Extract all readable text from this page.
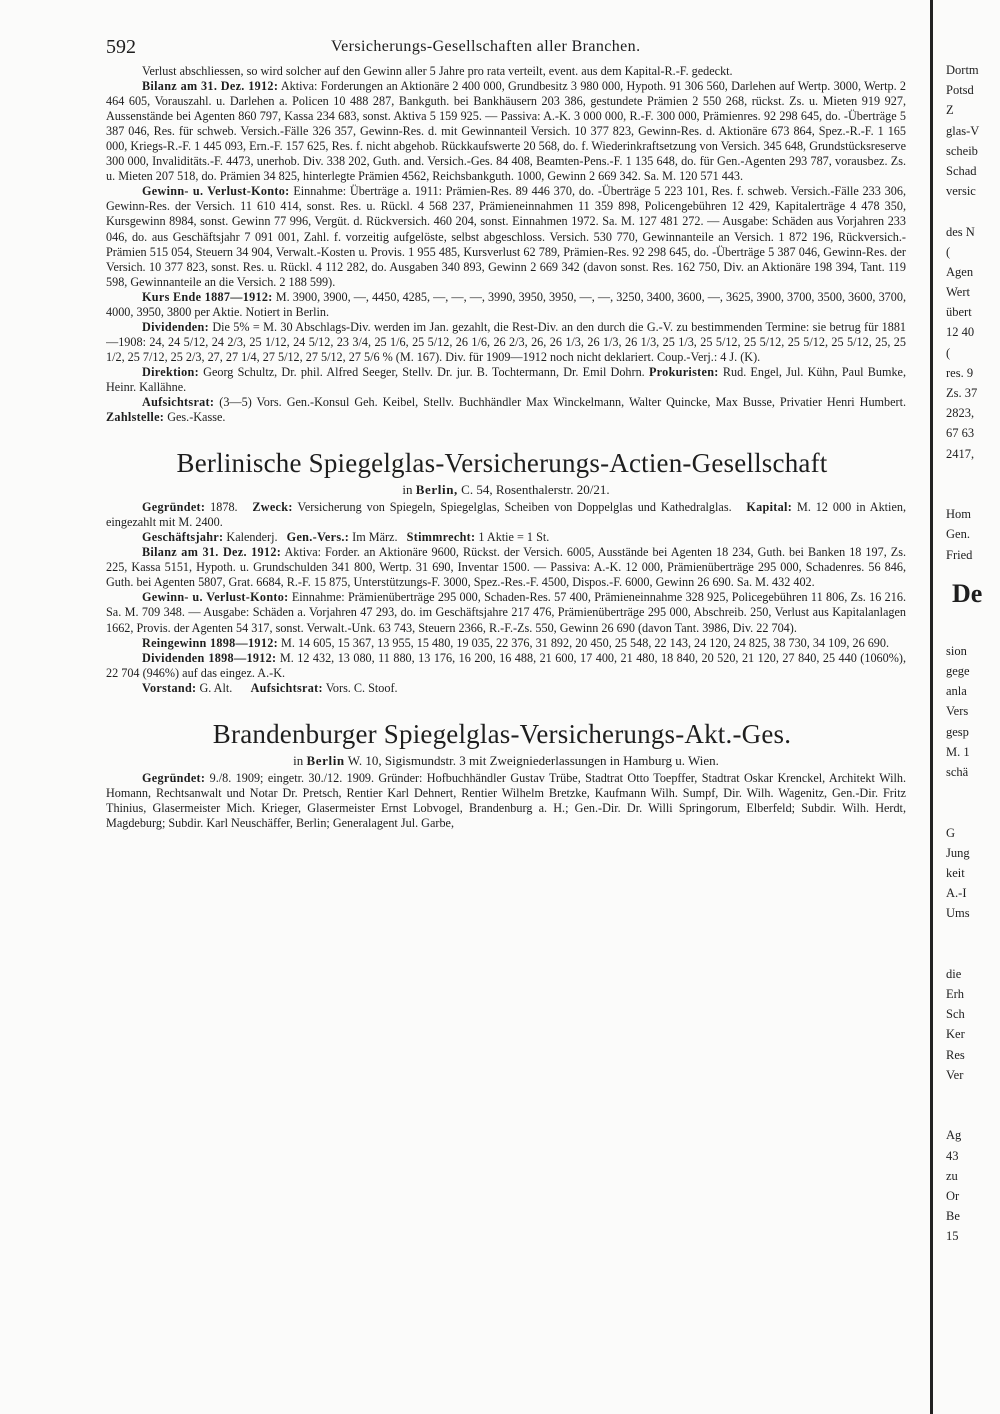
592	Versicherungs-Gesellschaften aller Branchen.

Verlust abschliessen, so wird solcher auf den Gewinn aller 5 Jahre pro rata verteilt, event. aus dem Kapital-R.-F. gedeckt.

Bilanz am 31. Dez. 1912: Aktiva: Forderungen an Aktionäre 2 400 000, Grundbesitz 3 980 000, Hypoth. 91 306 560, Darlehen auf Wertp. 3000, Wertp. 2 464 605, Vorauszahl. u. Darlehen a. Policen 10 488 287, Bankguth. bei Bankhäusern 203 386, gestundete Prämien 2 550 268, rückst. Zs. u. Mieten 919 927, Aussenstände bei Agenten 860 797, Kassa 234 683, sonst. Aktiva 5 159 925. — Passiva: A.-K. 3 000 000, R.-F. 300 000, Prämienres. 92 298 645, do. -Überträge 5 387 046, Res. für schweb. Versich.-Fälle 326 357, Gewinn-Res. d. mit Gewinnanteil Versich. 10 377 823, Gewinn-Res. d. Aktionäre 673 864, Spez.-R.-F. 1 165 000, Kriegs-R.-F. 1 445 093, Ern.-F. 157 625, Res. f. nicht abgehob. Rückkaufswerte 20 568, do. f. Wiederinkraftsetzung von Versich. 345 648, Grundstücksreserve 300 000, Invaliditäts.-F. 4473, unerhob. Div. 338 202, Guth. and. Versich.-Ges. 84 408, Beamten-Pens.-F. 1 135 648, do. für Gen.-Agenten 293 787, vorausbez. Zs. u. Mieten 207 518, do. Prämien 34 825, hinterlegte Prämien 4562, Reichsbankguth. 1000, Gewinn 2 669 342. Sa. M. 120 571 443.

Gewinn- u. Verlust-Konto: Einnahme: Überträge a. 1911: Prämien-Res. 89 446 370, do. -Überträge 5 223 101, Res. f. schweb. Versich.-Fälle 233 306, Gewinn-Res. der Versich. 11 610 414, sonst. Res. u. Rückl. 4 568 237, Prämieneinnahmen 11 359 898, Policengebühren 12 429, Kapitalerträge 4 478 350, Kursgewinn 8984, sonst. Gewinn 77 996, Vergüt. d. Rückversich. 460 204, sonst. Einnahmen 1972. Sa. M. 127 481 272. — Ausgabe: Schäden aus Vorjahren 233 046, do. aus Geschäftsjahr 7 091 001, Zahl. f. vorzeitig aufgelöste, selbst abgeschloss. Versich. 530 770, Gewinnanteile an Versich. 1 872 196, Rückversich.-Prämien 515 054, Steuern 34 904, Verwalt.-Kosten u. Provis. 1 955 485, Kursverlust 62 789, Prämien-Res. 92 298 645, do. -Überträge 5 387 046, Gewinn-Res. der Versich. 10 377 823, sonst. Res. u. Rückl. 4 112 282, do. Ausgaben 340 893, Gewinn 2 669 342 (davon sonst. Res. 162 750, Div. an Aktionäre 198 394, Tant. 119 598, Gewinnanteile an die Versich. 2 188 599).

Kurs Ende 1887—1912: M. 3900, 3900, —, 4450, 4285, —, —, —, 3990, 3950, 3950, —, —, 3250, 3400, 3600, —, 3625, 3900, 3700, 3500, 3600, 3700, 4000, 3950, 3800 per Aktie. Notiert in Berlin.

Dividenden: Die 5% = M. 30 Abschlags-Div. werden im Jan. gezahlt, die Rest-Div. an den durch die G.-V. zu bestimmenden Termine: sie betrug für 1881—1908: 24, 24 5/12, 24 2/3, 25 1/12, 24 5/12, 23 3/4, 25 1/6, 25 5/12, 26 1/6, 26 2/3, 26, 26 1/3, 26 1/3, 26 1/3, 25 1/3, 25 5/12, 25 5/12, 25 5/12, 25 5/12, 25, 25 1/2, 25 7/12, 25 2/3, 27, 27 1/4, 27 5/12, 27 5/12, 27 5/6 % (M. 167). Div. für 1909—1912 noch nicht deklariert. Coup.-Verj.: 4 J. (K).

Direktion: Georg Schultz, Dr. phil. Alfred Seeger, Stellv. Dr. jur. B. Tochtermann, Dr. Emil Dohrn. Prokuristen: Rud. Engel, Jul. Kühn, Paul Bumke, Heinr. Kallähne.

Aufsichtsrat: (3—5) Vors. Gen.-Konsul Geh. Keibel, Stellv. Buchhändler Max Winckelmann, Walter Quincke, Max Busse, Privatier Henri Humbert. Zahlstelle: Ges.-Kasse.

Berlinische Spiegelglas-Versicherungs-Actien-Gesellschaft
in Berlin, C. 54, Rosenthalerstr. 20/21.

Gegründet: 1878. Zweck: Versicherung von Spiegeln, Spiegelglas, Scheiben von Doppelglas und Kathedralglas. Kapital: M. 12 000 in Aktien, eingezahlt mit M. 2400.

Geschäftsjahr: Kalenderj. Gen.-Vers.: Im März. Stimmrecht: 1 Aktie = 1 St.

Bilanz am 31. Dez. 1912: Aktiva: Forder. an Aktionäre 9600, Rückst. der Versich. 6005, Ausstände bei Agenten 18 234, Guth. bei Banken 18 197, Zs. 225, Kassa 5151, Hypoth. u. Grundschulden 341 800, Wertp. 31 690, Inventar 1500. — Passiva: A.-K. 12 000, Prämienüberträge 295 000, Schadenres. 56 846, Guth. bei Agenten 5807, Grat. 6684, R.-F. 15 875, Unterstützungs-F. 3000, Spez.-Res.-F. 4500, Dispos.-F. 6000, Gewinn 26 690. Sa. M. 432 402.

Gewinn- u. Verlust-Konto: Einnahme: Prämienüberträge 295 000, Schaden-Res. 57 400, Prämieneinnahme 328 925, Policegebühren 11 806, Zs. 16 216. Sa. M. 709 348. — Ausgabe: Schäden a. Vorjahren 47 293, do. im Geschäftsjahre 217 476, Prämienüberträge 295 000, Abschreib. 250, Verlust aus Kapitalanlagen 1662, Provis. der Agenten 54 317, sonst. Verwalt.-Unk. 63 743, Steuern 2366, R.-F.-Zs. 550, Gewinn 26 690 (davon Tant. 3986, Div. 22 704).

Reingewinn 1898—1912: M. 14 605, 15 367, 13 955, 15 480, 19 035, 22 376, 31 892, 20 450, 25 548, 22 143, 24 120, 24 825, 38 730, 34 109, 26 690.

Dividenden 1898—1912: M. 12 432, 13 080, 11 880, 13 176, 16 200, 16 488, 21 600, 17 400, 21 480, 18 840, 20 520, 21 120, 27 840, 25 440 (1060%), 22 704 (946%) auf das eingez. A.-K.

Vorstand: G. Alt. Aufsichtsrat: Vors. C. Stoof.

Brandenburger Spiegelglas-Versicherungs-Akt.-Ges.
in Berlin W. 10, Sigismundstr. 3 mit Zweigniederlassungen in Hamburg u. Wien.

Gegründet: 9./8. 1909; eingetr. 30./12. 1909. Gründer: Hofbuchhändler Gustav Trübe, Stadtrat Otto Toepffer, Stadtrat Oskar Krenckel, Architekt Wilh. Homann, Rechtsanwalt und Notar Dr. Pretsch, Rentier Karl Dehnert, Rentier Wilhelm Bretzke, Kaufmann Wilh. Sumpf, Dir. Wilh. Wagenitz, Gen.-Dir. Fritz Thinius, Glasermeister Mich. Krieger, Glasermeister Ernst Lobvogel, Brandenburg a. H.; Gen.-Dir. Dr. Willi Springorum, Elberfeld; Subdir. Wilh. Herdt, Magdeburg; Subdir. Karl Neuschäffer, Berlin; Generalagent Jul. Garbe,

Dortm
Potsd
Z
glas-V
scheib
Schad
versic
des N
(
Agen
Wert
übert
12 40
(
res. 9
Zs. 37
2823,
67 63
2417,
Hom
Gen.
Fried
De
sion
gege
anla
Vers
gesp
M. 1
schä
G
Jung
keit
A.-I
Ums
die
Erh
Sch
Ker
Res
Ver
Ag
43
zu
Or
Be
15
